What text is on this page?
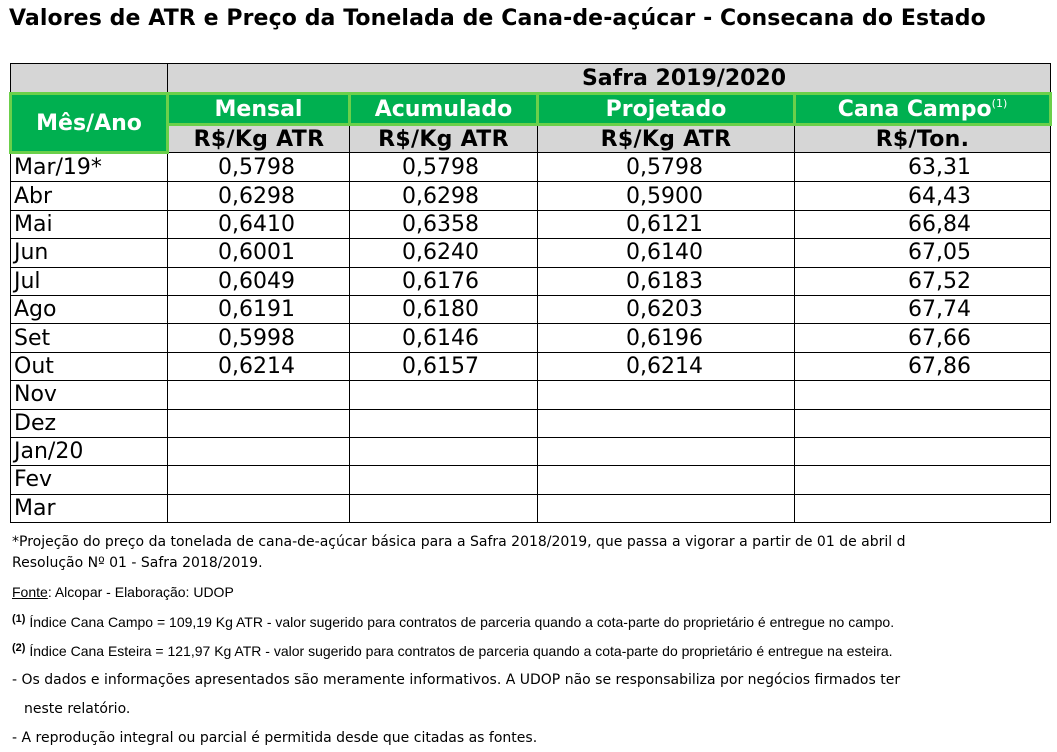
Valores de ATR e Preço da Tonelada de Cana-de-açúcar - Consecana do Estado
	Safra 2019/2020			
Mês/Ano	Mensal	Acumulado	Projetado	Cana Campo$^{(1)}$
	R$/Kg ATR	R$/Kg ATR	R$/Kg ATR	R$/Ton.
Mar/19*	0,5798	0,5798	0,5798	63,31
Abr	0,6298	0,6298	0,5900	64,43
Mai	0,6410	0,6358	0,6121	66,84
Jun	0,6001	0,6240	0,6140	67,05
Jul	0,6049	0,6176	0,6183	67,52
Ago	0,6191	0,6180	0,6203	67,74
Set	0,5998	0,6146	0,6196	67,66
Out	0,6214	0,6157	0,6214	67,86
Nov				
Dez				
Jan/20				
Fev				
Mar				
*Projeção do preço da tonelada de cana-de-açúcar básica para a Safra 2018/2019, que passa a vigorar a partir de 01 de abril d
Resolução Nº 01 - Safra 2018/2019.
Fonte: Alcopar - Elaboração: UDOP
$^{(1)}$ Índice Cana Campo = 109,19 Kg ATR - valor sugerido para contratos de parceria quando a cota-parte do proprietário é entregue no campo.
$^{(2)}$ Índice Cana Esteira = 121,97 Kg ATR - valor sugerido para contratos de parceria quando a cota-parte do proprietário é entregue na esteira.
- Os dados e informações apresentados são meramente informativos. A UDOP não se responsabiliza por negócios firmados ter
neste relatório.
- A reprodução integral ou parcial é permitida desde que citadas as fontes.
